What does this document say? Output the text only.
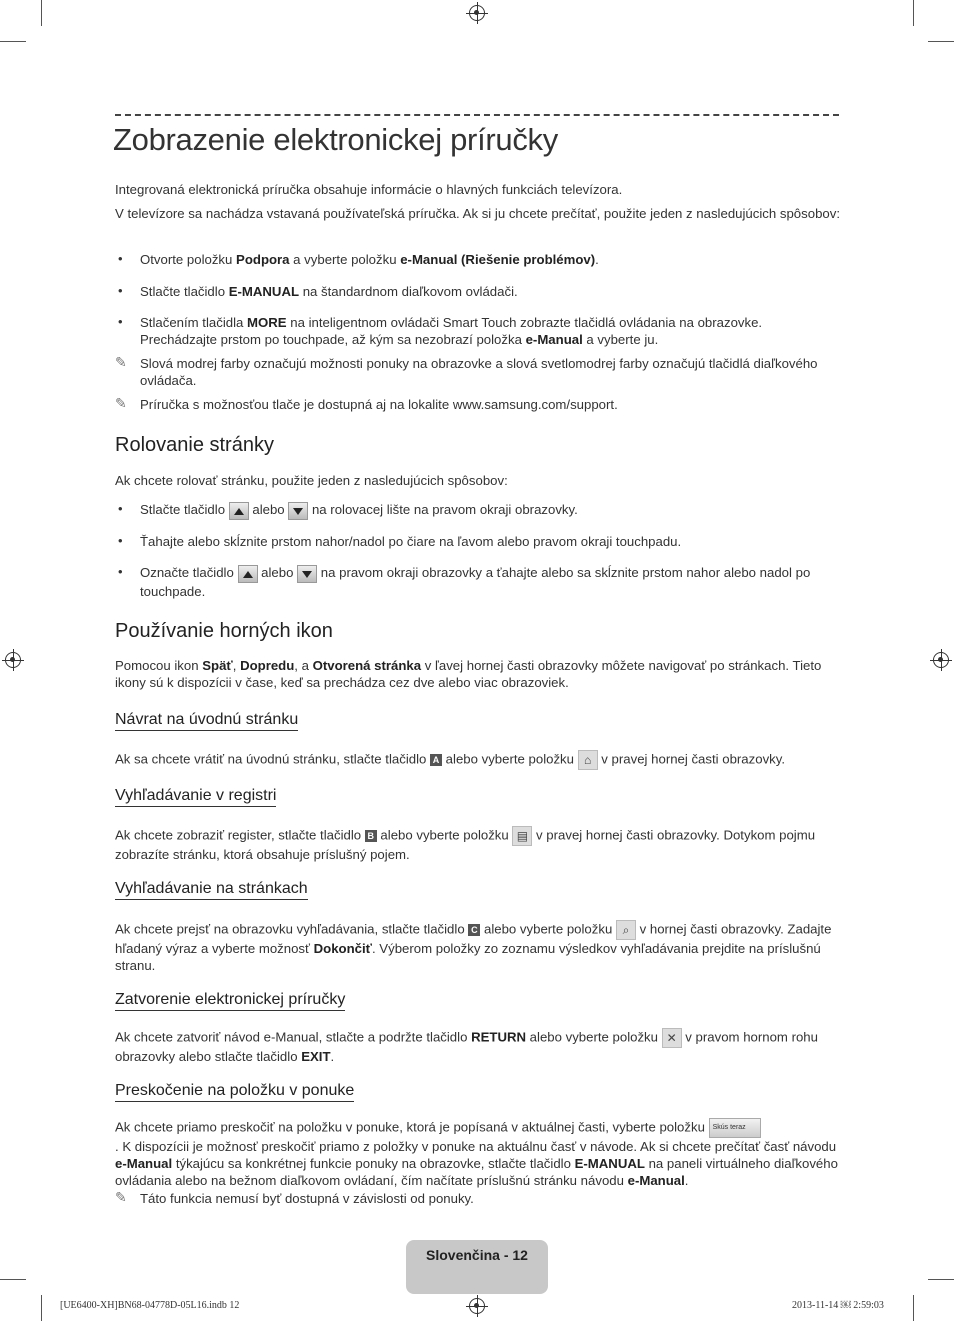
Zobrazenie elektronickej príručky

Integrovaná elektronická príručka obsahuje informácie o hlavných funkciách televízora.

V televízore sa nachádza vstavaná používateľská príručka. Ak si ju chcete prečítať, použite jeden z nasledujúcich spôsobov:

• Otvorte položku Podpora a vyberte položku e-Manual (Riešenie problémov).
• Stlačte tlačidlo E-MANUAL na štandardnom diaľkovom ovládači.
• Stlačením tlačidla MORE na inteligentnom ovládači Smart Touch zobrazte tlačidlá ovládania na obrazovke. Prechádzajte prstom po touchpade, až kým sa nezobrazí položka e-Manual a vyberte ju.
✎ Slová modrej farby označujú možnosti ponuky na obrazovke a slová svetlomodrej farby označujú tlačidlá diaľkového ovládača.
✎ Príručka s možnosťou tlače je dostupná aj na lokalite www.samsung.com/support.
Rolovanie stránky

Ak chcete rolovať stránku, použite jeden z nasledujúcich spôsobov:

• Stlačte tlačidlo  alebo  na rolovacej lište na pravom okraji obrazovky.
• Ťahajte alebo skĺznite prstom nahor/nadol po čiare na ľavom alebo pravom okraji touchpadu.
• Označte tlačidlo  alebo  na pravom okraji obrazovky a ťahajte alebo sa skĺznite prstom nahor alebo nadol po touchpade.
Používanie horných ikon

Pomocou ikon Späť, Dopredu, a Otvorená stránka v ľavej hornej časti obrazovky môžete navigovať po stránkach. Tieto ikony sú k dispozícii v čase, keď sa prechádza cez dve alebo viac obrazoviek.

Návrat na úvodnú stránku

Ak sa chcete vrátiť na úvodnú stránku, stlačte tlačidlo A alebo vyberte položku ⌂ v pravej hornej časti obrazovky.

Vyhľadávanie v registri

Ak chcete zobraziť register, stlačte tlačidlo B alebo vyberte položku ▤ v pravej hornej časti obrazovky. Dotykom pojmu zobrazíte stránku, ktorá obsahuje príslušný pojem.

Vyhľadávanie na stránkach

Ak chcete prejsť na obrazovku vyhľadávania, stlačte tlačidlo C alebo vyberte položku ⌕ v hornej časti obrazovky. Zadajte hľadaný výraz a vyberte možnosť Dokončiť. Výberom položky zo zoznamu výsledkov vyhľadávania prejdite na príslušnú stranu.

Zatvorenie elektronickej príručky

Ak chcete zatvoriť návod e-Manual, stlačte a podržte tlačidlo RETURN alebo vyberte položku ✕ v pravom hornom rohu obrazovky alebo stlačte tlačidlo EXIT.

Preskočenie na položku v ponuke

Ak chcete priamo preskočiť na položku v ponuke, ktorá je popísaná v aktuálnej časti, vyberte položku Skús teraz
. K dispozícii je možnosť preskočiť priamo z položky v ponuke na aktuálnu časť v návode. Ak si chcete prečítať časť návodu e-Manual týkajúcu sa konkrétnej funkcie ponuky na obrazovke, stlačte tlačidlo E-MANUAL na paneli virtuálneho diaľkového ovládania alebo na bežnom diaľkovom ovládaní, čím načítate príslušnú stránku návodu e-Manual.

✎ Táto funkcia nemusí byť dostupná v závislosti od ponuky.
Slovenčina - 12
[UE6400-XH]BN68-04778D-05L16.indb 12	2013-11-14 ￼ 2:59:03
